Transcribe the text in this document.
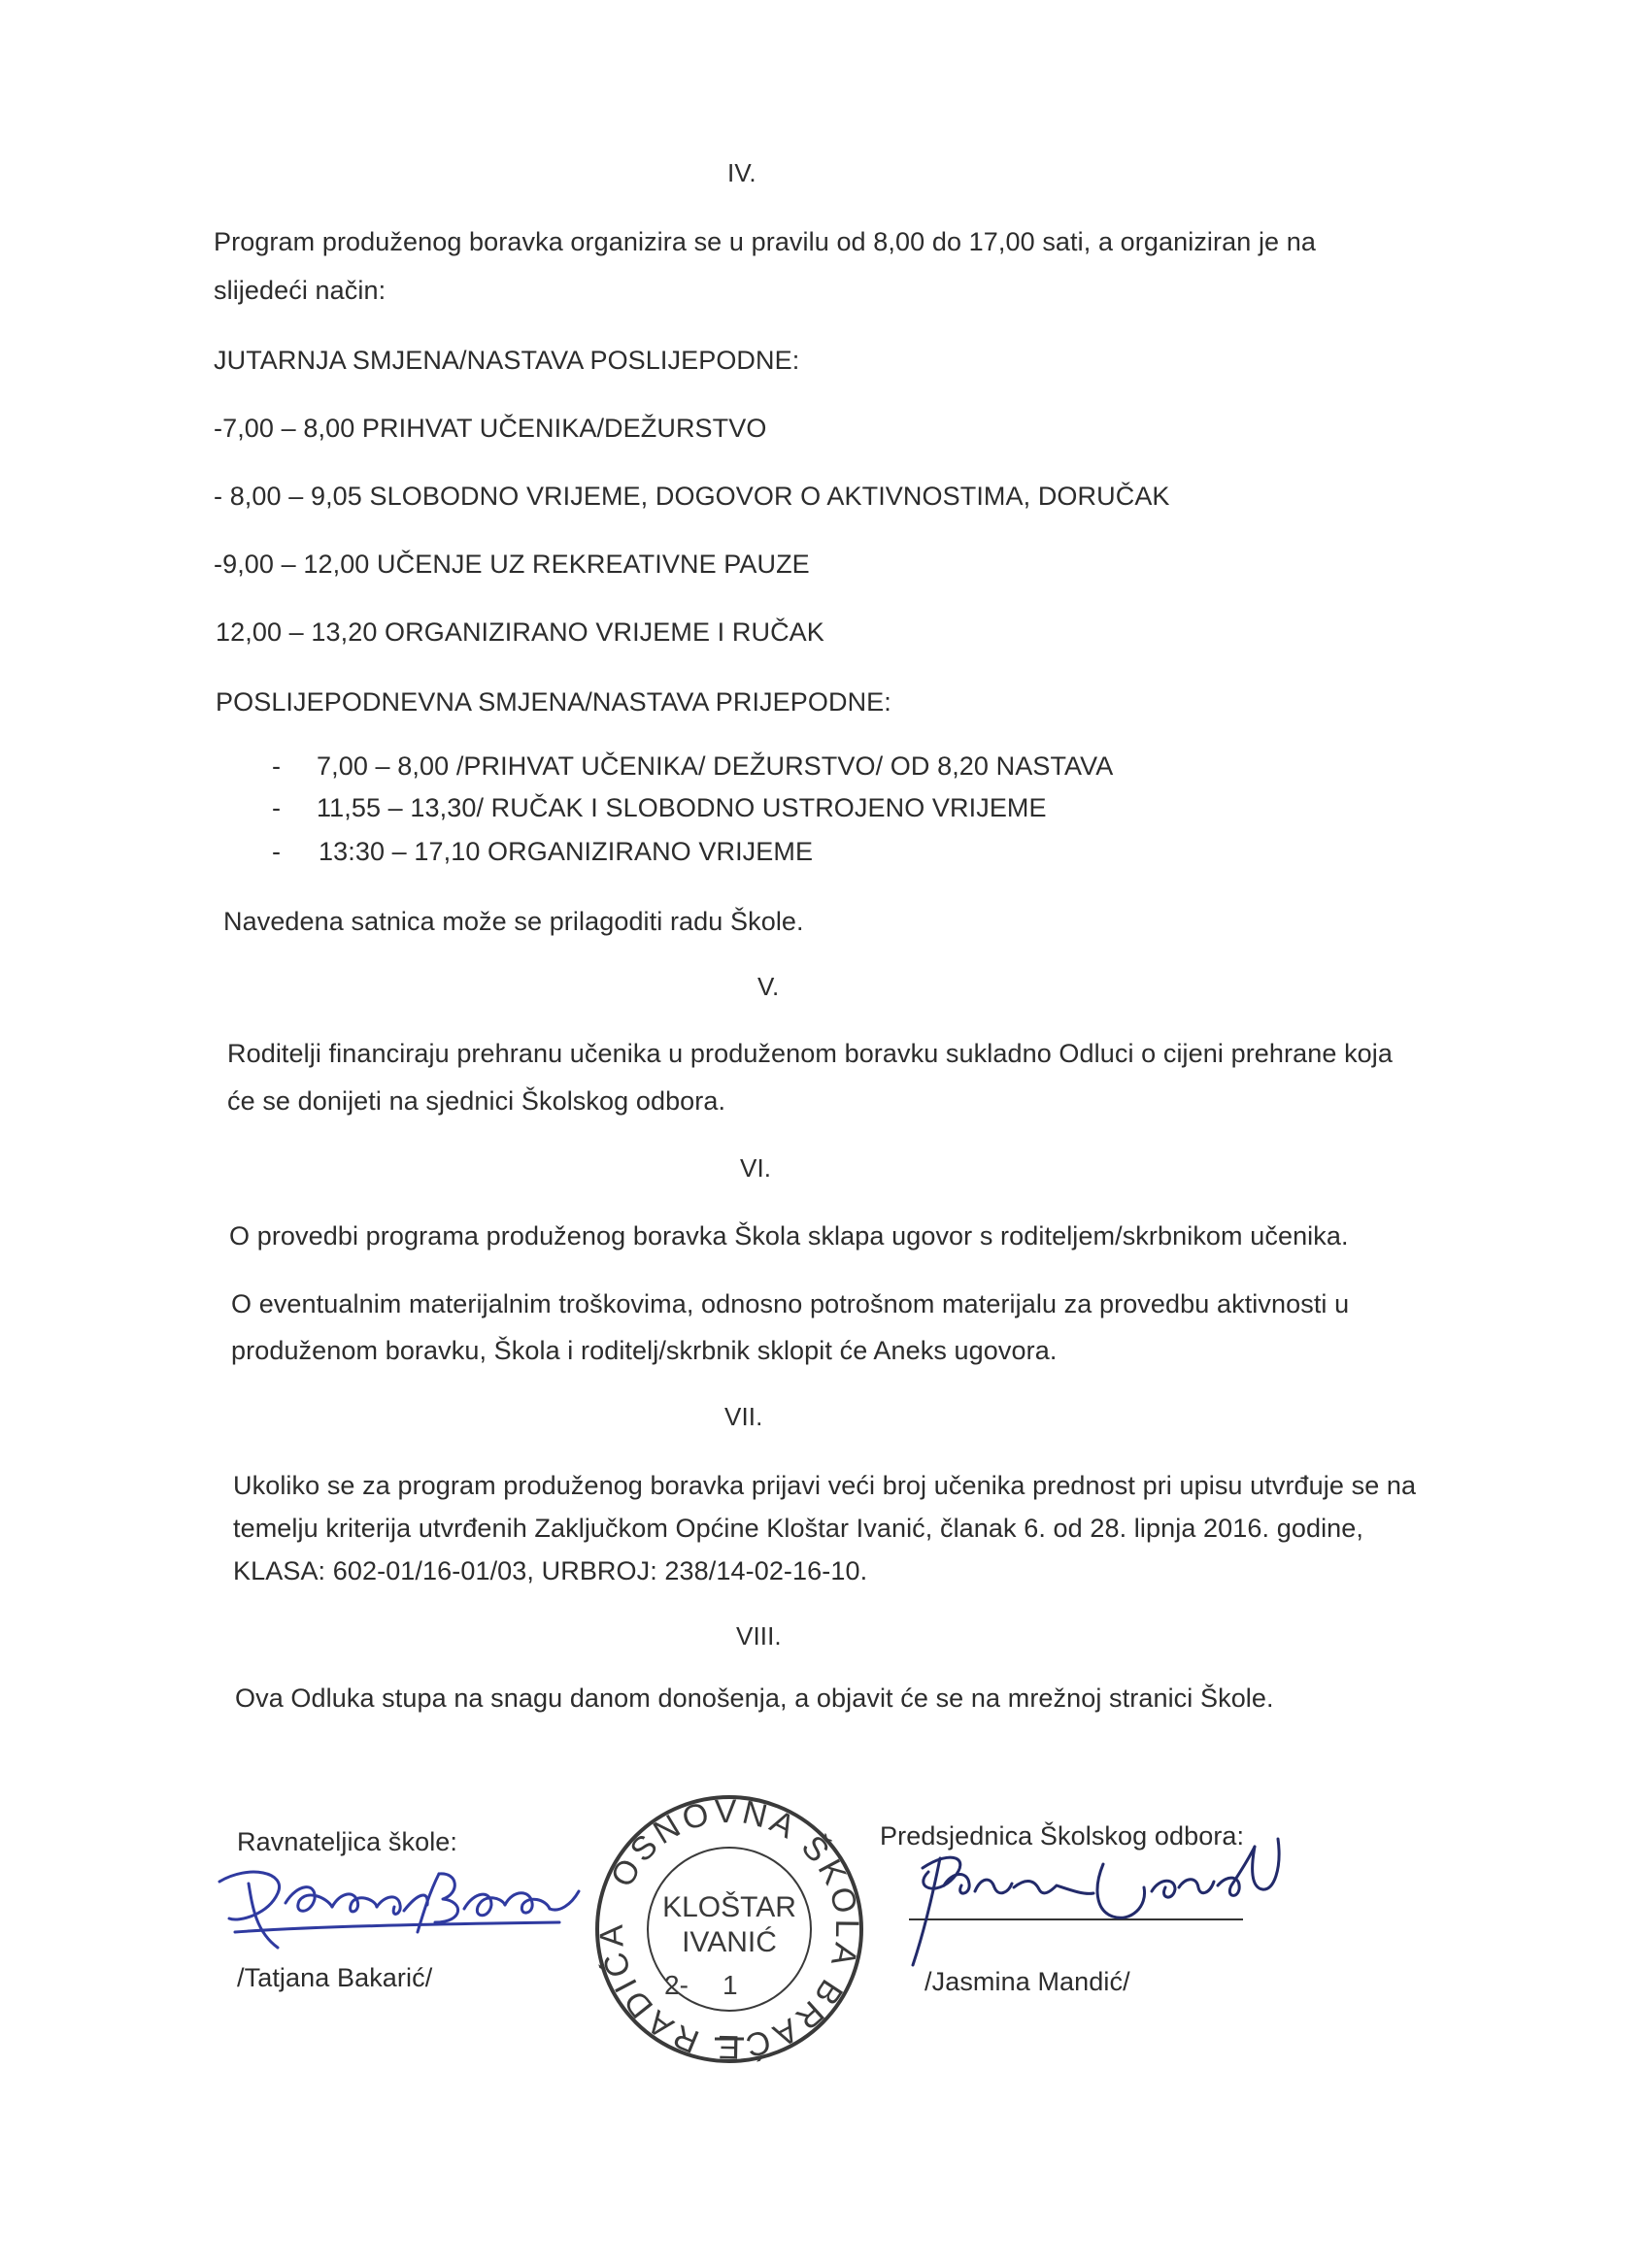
IV.
Program produženog boravka organizira se u pravilu od 8,00 do 17,00 sati, a organiziran je na
slijedeći način:
JUTARNJA SMJENA/NASTAVA POSLIJEPODNE:
-7,00 – 8,00 PRIHVAT UČENIKA/DEŽURSTVO
- 8,00 – 9,05 SLOBODNO VRIJEME, DOGOVOR O AKTIVNOSTIMA, DORUČAK
-9,00 – 12,00 UČENJE UZ REKREATIVNE PAUZE
12,00 – 13,20 ORGANIZIRANO VRIJEME I RUČAK
POSLIJEPODNEVNA SMJENA/NASTAVA PRIJEPODNE:
- 7,00 – 8,00 /PRIHVAT UČENIKA/ DEŽURSTVO/ OD 8,20 NASTAVA
- 11,55 – 13,30/ RUČAK I SLOBODNO USTROJENO VRIJEME
- 13:30 – 17,10 ORGANIZIRANO VRIJEME
Navedena satnica može se prilagoditi radu Škole.
V.
Roditelji financiraju prehranu učenika u produženom boravku sukladno Odluci o cijeni prehrane koja
će se donijeti na sjednici Školskog odbora.
VI.
O provedbi programa produženog boravka Škola sklapa ugovor s roditeljem/skrbnikom učenika.
O eventualnim materijalnim troškovima, odnosno potrošnom materijalu za provedbu aktivnosti u
produženom boravku, Škola i roditelj/skrbnik sklopit će Aneks ugovora.
VII.
Ukoliko se za program produženog boravka prijavi veći broj učenika prednost pri upisu utvrđuje se na
temelju kriterija utvrđenih Zaključkom Općine Kloštar Ivanić, članak 6. od 28. lipnja 2016. godine,
KLASA: 602-01/16-01/03, URBROJ: 238/14-02-16-10.
VIII.
Ova Odluka stupa na snagu danom donošenja, a objavit će se na mrežnoj stranici Škole.
Ravnateljica škole:
/Tatjana Bakarić/
OSNOVNA ŠKOLA BRAĆE RADIĆA
KLOŠTAR
IVANIĆ
2- 1
Predsjednica Školskog odbora:
/Jasmina Mandić/
